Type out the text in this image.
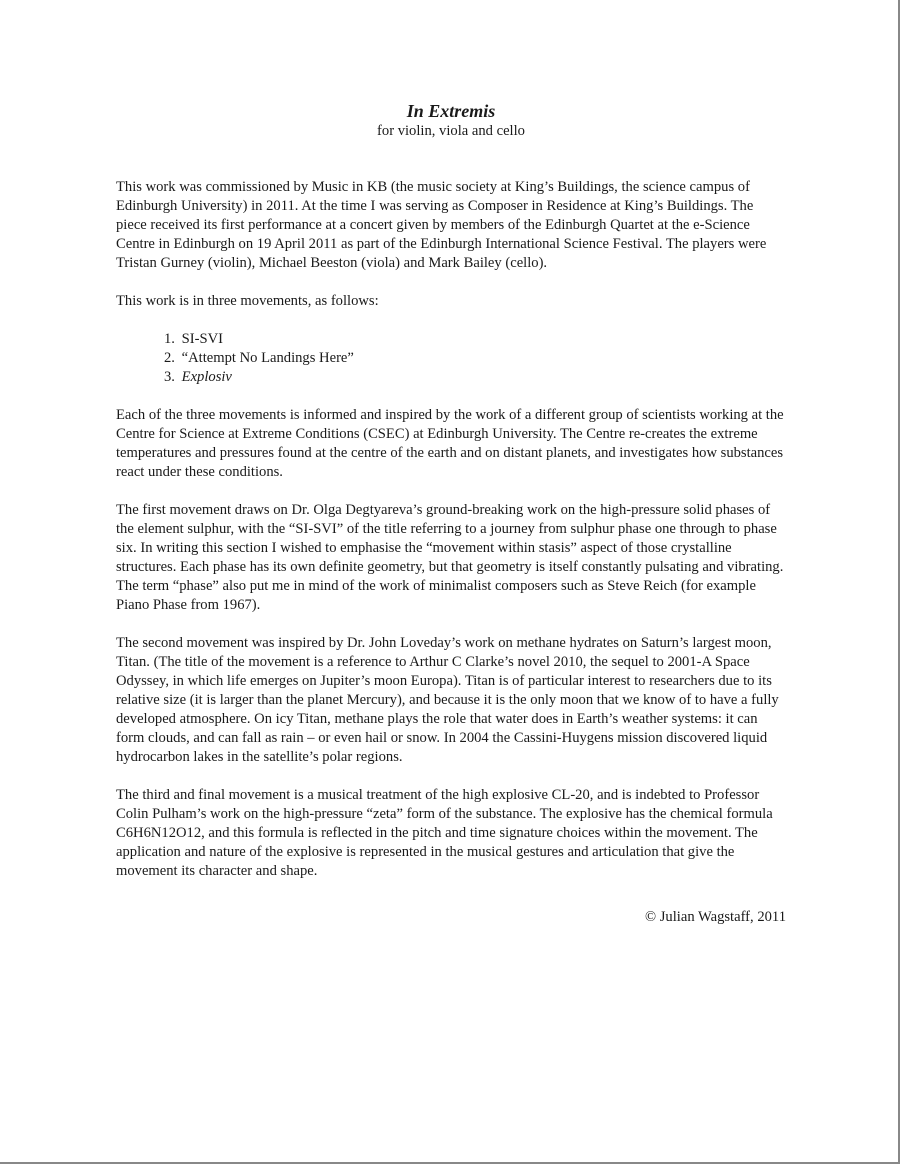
In Extremis
for violin, viola and cello

This work was commissioned by Music in KB (the music society at King’s Buildings, the science campus of Edinburgh University) in 2011. At the time I was serving as Composer in Residence at King’s Buildings. The piece received its first performance at a concert given by members of the Edinburgh Quartet at the e-Science Centre in Edinburgh on 19 April 2011 as part of the Edinburgh International Science Festival. The players were Tristan Gurney (violin), Michael Beeston (viola) and Mark Bailey (cello).

This work is in three movements, as follows:

1. SI-SVI
2. “Attempt No Landings Here”
3. Explosiv

Each of the three movements is informed and inspired by the work of a different group of scientists working at the Centre for Science at Extreme Conditions (CSEC) at Edinburgh University. The Centre re-creates the extreme temperatures and pressures found at the centre of the earth and on distant planets, and investigates how substances react under these conditions.

The first movement draws on Dr. Olga Degtyareva’s ground-breaking work on the high-pressure solid phases of the element sulphur, with the “SI-SVI” of the title referring to a journey from sulphur phase one through to phase six. In writing this section I wished to emphasise the “movement within stasis” aspect of those crystalline structures. Each phase has its own definite geometry, but that geometry is itself constantly pulsating and vibrating. The term “phase” also put me in mind of the work of minimalist composers such as Steve Reich (for example Piano Phase from 1967).

The second movement was inspired by Dr. John Loveday’s work on methane hydrates on Saturn’s largest moon, Titan. (The title of the movement is a reference to Arthur C Clarke’s novel 2010, the sequel to 2001-A Space Odyssey, in which life emerges on Jupiter’s moon Europa). Titan is of particular interest to researchers due to its relative size (it is larger than the planet Mercury), and because it is the only moon that we know of to have a fully developed atmosphere. On icy Titan, methane plays the role that water does in Earth’s weather systems: it can form clouds, and can fall as rain – or even hail or snow. In 2004 the Cassini-Huygens mission discovered liquid hydrocarbon lakes in the satellite’s polar regions.

The third and final movement is a musical treatment of the high explosive CL-20, and is indebted to Professor Colin Pulham’s work on the high-pressure “zeta” form of the substance. The explosive has the chemical formula C6H6N12O12, and this formula is reflected in the pitch and time signature choices within the movement. The application and nature of the explosive is represented in the musical gestures and articulation that give the movement its character and shape.

© Julian Wagstaff, 2011
